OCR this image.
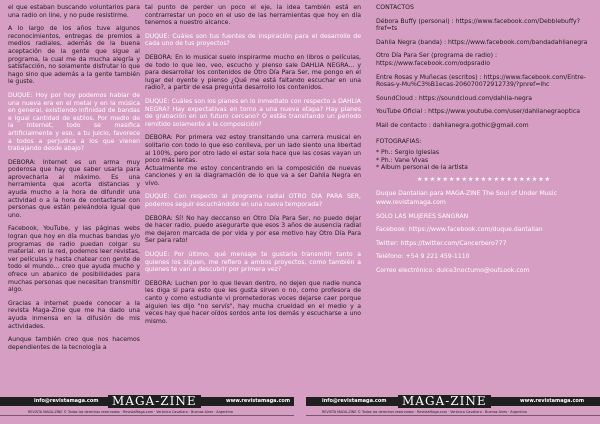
el que estaban buscando voluntarios para una radio on line, y no pude resistirme.

A lo largo de los años tuve algunos reconocimientos, entregas de premios a medios radiales, además de la buena aceptación de la gente que sigue al programa, la cual me da mucha alegría y satisfacción, no solamente disfrutar lo que hago sino que además a la gente también le guste.

DUQUE: Hoy por hoy podemos hablar de una nueva era en el metal y en la música en general, existiendo infinidad de bandas e igual cantidad de estilos. Por medio de la Internet, todo se masifica artificialmente y eso, a tu juicio, favorece a todos a perjudica a los que vienen trabajando desde abajo?

DEBORA: Internet es un arma muy poderosa que hay que saber usarla para aprovecharla al máximo. Es una herramienta que acorta distancias y ayuda mucho a la hora de difundir una actividad o a la hora de contactarse con personas que están peleándola igual que uno.

Facebook, YouTube, y las páginas webs logran que hoy en día muchas bandas y/o programas de radio puedan colgar su material. en la red, podemos leer revistas, ver películas y hasta chatear con gente de todo el mundo... creo que ayuda mucho y ofrece un abanico de posibilidades para muchas personas que necesitan transmitir algo.

Gracias a internet puede conocer a la revista Maga-Zine que me ha dado una ayuda inmensa en la difusión de mis actividades.

Aunque también creo que nos hacemos dependientes de la tecnología a

tal punto de perder un poco el eje, la idea también está en contrarrestar un poco en el uso de las herramientas que hoy en día tenemos a nuestro alcance.

DUQUE: Cuáles son tus fuentes de inspiración para el desarrollo de cada uno de tus proyectos?

DEBORA: En lo musical suelo inspirarme mucho en libros o películas, de todo lo que leo, veo, escucho y pienso sale DAHLIA NEGRA... y para desarrollar los contenidos de Otro Día Para Ser, me pongo en el lugar del oyente y pienso ¿Qué me está faltando escuchar en una radio?, a partir de esa pregunta desarrollo los contenidos.

DUQUE: Cuáles son los planes en lo inmediato con respecto a DAHLIA NEGRA? Hay expectativas en torno a una nueva etapa? Hay planes de grabación en un futuro cercano? O estás transitando un periodo remitido solamente a la composición?

DEBORA: Por primera vez estoy transitando una carrera musical en solitario con todo lo que eso conlleva, por un lado siento una libertad al 100%, pero por otro lado el estar sola hace que las cosas vayan un poco más lentas.

Actualmente me estoy concentrando en la composición de nuevas canciones y en la diagramación de lo que va a ser Dahlia Negra en vivo.

DUQUE: Con respecto al programa radial OTRO DIA PARA SER, podemos seguir escuchándote en una nueva temporada?

DEBORA: Sí! No hay deccanso en Otro Día Para Ser, no puedo dejar de hacer radio, puedo asegurarte que esos 3 años de ausencia radial me dejaron marcada de por vida y por ese motivo hay Otro Día Para Ser para rato!

DUQUE: Por último, qué mensaje te gustaría transmitir tanto a quienes los siguen, me refiero a ambos proyectos, como también a quienes te van a descubrir por primera vez?

DEBORA: Luchen por lo que llevan dentro, no dejen que nadie nunca les diga si para esto que les gusta sirven o no, como profesora de canto y como estudiante vi prometedoras voces dejarse caer porque alguien les dijo "no servís", hay mucha crueldad en el medio y a veces hay que hacer oídos sordos ante los demás y escucharse a uno mismo.

CONTACTOS

Débora Buffy (personal) : https://www.facebook.com/Debblebuffy?fref=ts

Dahlia Negra (banda) : https://www.facebook.com/bandadahlianegra

Otro Día Para Ser (programa de radio) : https://www.facebook.com/odpsradio

Entre Rosas y Muñecas (escritos) : https://www.facebook.com/Entre-Rosas-y-Mu%C3%B1ecas-206070072912739/?pnref=lhc

SoundCloud : https://soundcloud.com/dahlia-negra

YouTube Oficial : https://www.youtube.com/user/dahlianegraoptica

Mail de contacto : dahlianegra.gothic@gmail.com

FOTOGRAFIAS:

* Ph.: Sergio Iglesias

* Ph.: Vane Vivas

* Album personal de la artista

★★★★★★★★★★★★★★★★★★★★★

Duque Dantalian para MAGA-ZINE The Soul of Under Music

www.revistamaga.com

SOLO LAS MUJERES SANGRAN

Facebook: https://www.facebook.com/duque.dantalian

Twitter: https://twitter.com/Cancerbero777

Teléfono: +54 9 221 459-1110

Correo electrónico: dulce3noctumo@outLook.com

info@revistamaga.com	www.revistamaga.com	info@revistamaga.com	www.revistamaga.com
MAGA-ZINE	MAGA-ZINE
REVISTA MAGA-ZINE © Todos los derechos reservados · RevistaMaga.com · Verónica Cavallaro · Buenos Aires · Argentina	REVISTA MAGA-ZINE © Todos los derechos reservados · RevistaMaga.com · Verónica Cavallaro · Buenos Aires · Argentina
